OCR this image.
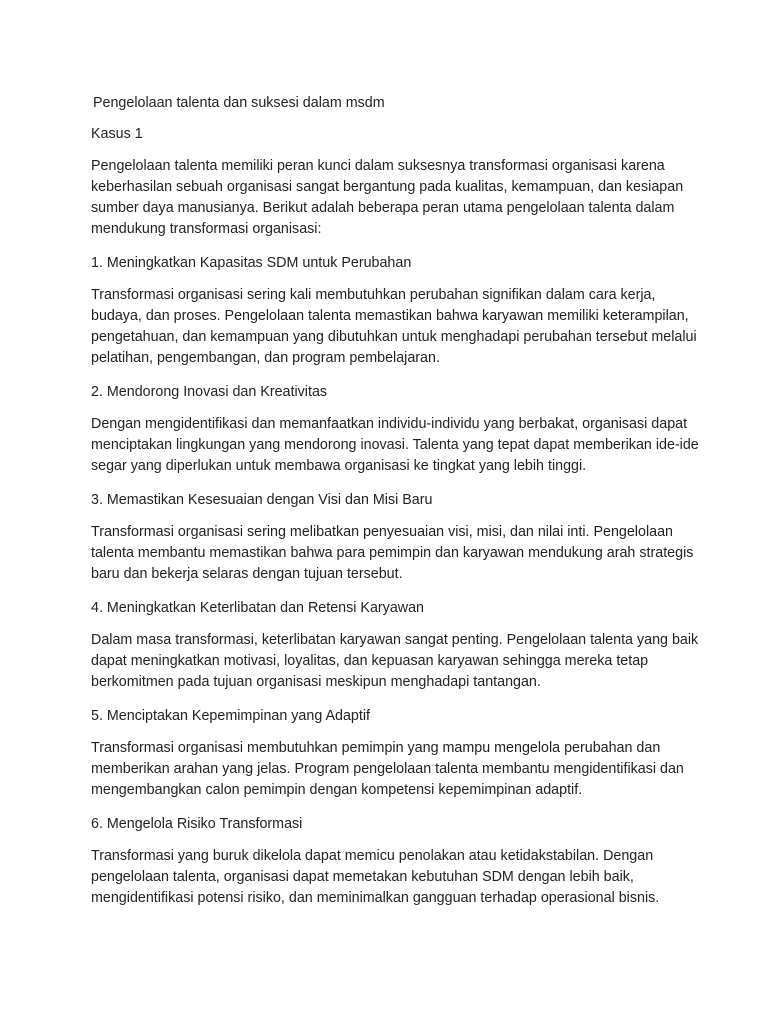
Pengelolaan talenta dan suksesi dalam msdm
Kasus 1
Pengelolaan talenta memiliki peran kunci dalam suksesnya transformasi organisasi karena
keberhasilan sebuah organisasi sangat bergantung pada kualitas, kemampuan, dan kesiapan
sumber daya manusianya. Berikut adalah beberapa peran utama pengelolaan talenta dalam
mendukung transformasi organisasi:
1. Meningkatkan Kapasitas SDM untuk Perubahan
Transformasi organisasi sering kali membutuhkan perubahan signifikan dalam cara kerja,
budaya, dan proses. Pengelolaan talenta memastikan bahwa karyawan memiliki keterampilan,
pengetahuan, dan kemampuan yang dibutuhkan untuk menghadapi perubahan tersebut melalui
pelatihan, pengembangan, dan program pembelajaran.
2. Mendorong Inovasi dan Kreativitas
Dengan mengidentifikasi dan memanfaatkan individu-individu yang berbakat, organisasi dapat
menciptakan lingkungan yang mendorong inovasi. Talenta yang tepat dapat memberikan ide-ide
segar yang diperlukan untuk membawa organisasi ke tingkat yang lebih tinggi.
3. Memastikan Kesesuaian dengan Visi dan Misi Baru
Transformasi organisasi sering melibatkan penyesuaian visi, misi, dan nilai inti. Pengelolaan
talenta membantu memastikan bahwa para pemimpin dan karyawan mendukung arah strategis
baru dan bekerja selaras dengan tujuan tersebut.
4. Meningkatkan Keterlibatan dan Retensi Karyawan
Dalam masa transformasi, keterlibatan karyawan sangat penting. Pengelolaan talenta yang baik
dapat meningkatkan motivasi, loyalitas, dan kepuasan karyawan sehingga mereka tetap
berkomitmen pada tujuan organisasi meskipun menghadapi tantangan.
5. Menciptakan Kepemimpinan yang Adaptif
Transformasi organisasi membutuhkan pemimpin yang mampu mengelola perubahan dan
memberikan arahan yang jelas. Program pengelolaan talenta membantu mengidentifikasi dan
mengembangkan calon pemimpin dengan kompetensi kepemimpinan adaptif.
6. Mengelola Risiko Transformasi
Transformasi yang buruk dikelola dapat memicu penolakan atau ketidakstabilan. Dengan
pengelolaan talenta, organisasi dapat memetakan kebutuhan SDM dengan lebih baik,
mengidentifikasi potensi risiko, dan meminimalkan gangguan terhadap operasional bisnis.
